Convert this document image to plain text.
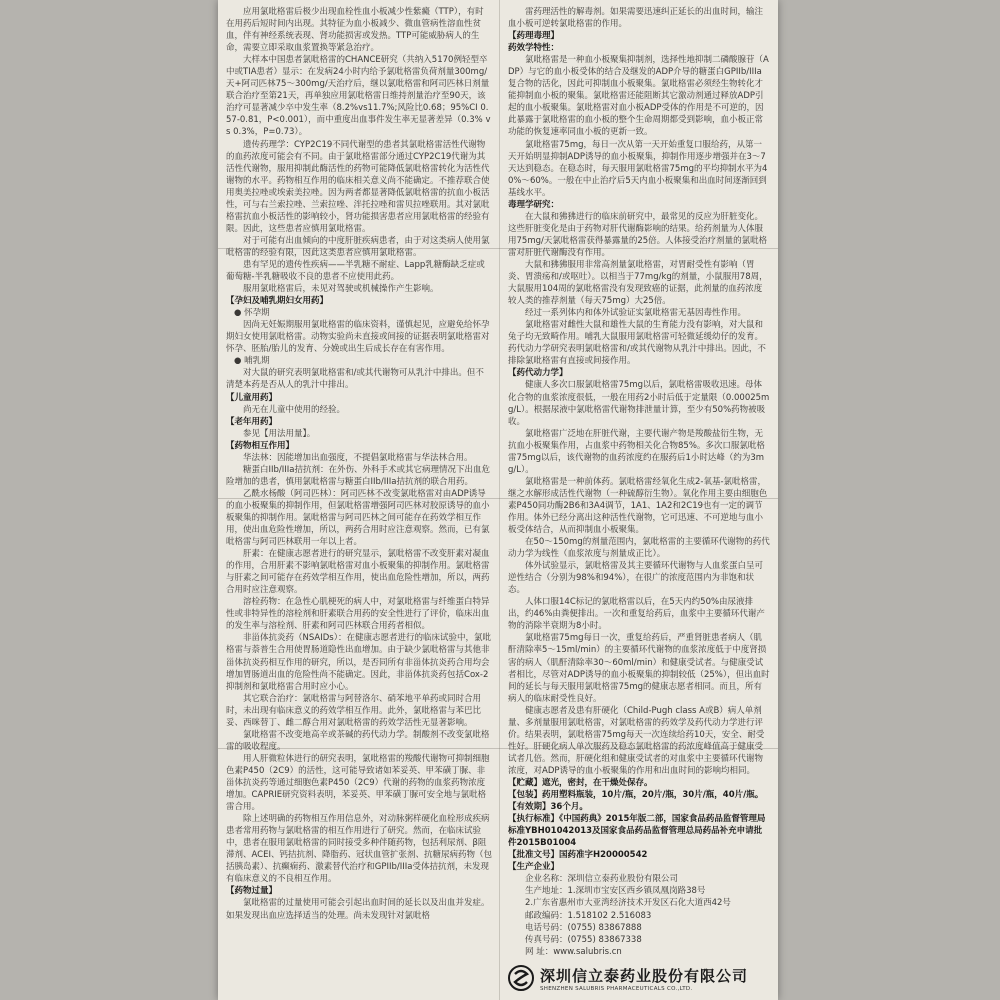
应用氯吡格雷后极少出现血栓性血小板减少性紫癜（TTP），有时在用药后短时间内出现。其特征为血小板减少、微血管病性溶血性贫血，伴有神经系统表现、肾功能损害或发热。TTP可能威胁病人的生命，需要立即采取血浆置换等紧急治疗。

大样本中国患者氯吡格雷的CHANCE研究（共纳入5170例轻型卒中或TIA患者）显示：在发病24小时内给予氯吡格雷负荷剂量300mg/天+阿司匹林75～300mg/天治疗后，继以氯吡格雷和阿司匹林日剂量联合治疗至第21天，再单独应用氯吡格雷日维持剂量治疗至90天，该治疗可显著减少卒中发生率（8.2%vs11.7%;风险比0.68；95%CI 0.57-0.81，P<0.001），而中重度出血事件发生率无显著差异（0.3% vs 0.3%，P=0.73）。

遗传药理学：CYP2C19不同代谢型的患者其氯吡格雷活性代谢物的血药浓度可能会有不同。由于氯吡格雷部分通过CYP2C19代谢为其活性代谢物，服用抑制此酶活性的药物可能降低氯吡格雷转化为活性代谢物的水平。药物相互作用的临床相关意义尚不能确定。不推荐联合使用奥美拉唑或埃索美拉唑。因为两者都显著降低氯吡格雷的抗血小板活性，可与右兰索拉唑、兰索拉唑、泮托拉唑和雷贝拉唑联用。其对氯吡格雷抗血小板活性的影响较小，肾功能损害患者应用氯吡格雷的经验有限。因此，这些患者应慎用氯吡格雷。

对于可能有出血倾向的中度肝脏疾病患者，由于对这类病人使用氯吡格雷的经验有限，因此这类患者应慎用氯吡格雷。

患有罕见的遗传性疾病——半乳糖不耐症、Lapp乳糖酶缺乏症或葡萄糖-半乳糖吸收不良的患者不应使用此药。

服用氯吡格雷后，未见对驾驶或机械操作产生影响。

【孕妇及哺乳期妇女用药】

● 怀孕期

因尚无妊娠期服用氯吡格雷的临床资料，谨慎起见，应避免给怀孕期妇女使用氯吡格雷。动物实验尚未直接或间接的证据表明氯吡格雷对怀孕、胚胎/胎儿的发育、分娩或出生后成长存在有害作用。

● 哺乳期

对大鼠的研究表明氯吡格雷和/或其代谢物可从乳汁中排出。但不清楚本药是否从人的乳汁中排出。

【儿童用药】

尚无在儿童中使用的经验。

【老年用药】

参见【用法用量】。

【药物相互作用】

华法林：因能增加出血强度，不提倡氯吡格雷与华法林合用。

糖蛋白IIb/IIIa拮抗剂：在外伤、外科手术或其它病理情况下出血危险增加的患者，慎用氯吡格雷与糖蛋白IIb/IIIa拮抗剂的联合用药。

乙酰水杨酸（阿司匹林）：阿司匹林不改变氯吡格雷对由ADP诱导的血小板聚集的抑制作用，但氯吡格雷增强阿司匹林对胶原诱导的血小板聚集的抑制作用。氯吡格雷与阿司匹林之间可能存在药效学相互作用，使出血危险性增加，所以，两药合用时应注意观察。然而，已有氯吡格雷与阿司匹林联用一年以上者。

肝素：在健康志愿者进行的研究显示，氯吡格雷不改变肝素对凝血的作用，合用肝素不影响氯吡格雷对血小板聚集的抑制作用。氯吡格雷与肝素之间可能存在药效学相互作用，使出血危险性增加，所以，两药合用时应注意观察。

溶栓药物：在急性心肌梗死的病人中，对氯吡格雷与纤维蛋白特异性或非特异性的溶栓剂和肝素联合用药的安全性进行了评价，临床出血的发生率与溶栓剂、肝素和阿司匹林联合用药者相似。

非甾体抗炎药（NSAIDs）：在健康志愿者进行的临床试验中，氯吡格雷与萘普生合用使胃肠道隐性出血增加。由于缺少氯吡格雷与其他非甾体抗炎药相互作用的研究，所以，是否同所有非甾体抗炎药合用均会增加胃肠道出血的危险性尚不能确定。因此，非甾体抗炎药包括Cox-2抑制剂和氯吡格雷合用时应小心。

其它联合治疗：氯吡格雷与阿替洛尔、硝苯地平单药或同时合用时，未出现有临床意义的药效学相互作用。此外，氯吡格雷与苯巴比妥、西咪替丁、雌二醇合用对氯吡格雷的药效学活性无显著影响。

氯吡格雷不改变地高辛或茶碱的药代动力学。制酸剂不改变氯吡格雷的吸收程度。

用人肝微粒体进行的研究表明，氯吡格雷的羧酸代谢物可抑制细胞色素P450（2C9）的活性，这可能导致诸如苯妥英、甲苯磺丁脲、非甾体抗炎药等通过细胞色素P450（2C9）代谢的药物的血浆药物浓度增加。CAPRIE研究资料表明，苯妥英、甲苯磺丁脲可安全地与氯吡格雷合用。

除上述明确的药物相互作用信息外，对动脉粥样硬化血栓形成疾病患者常用药物与氯吡格雷的相互作用进行了研究。然而，在临床试验中，患者在服用氯吡格雷的同时接受多种伴随药物，包括利尿剂、β阻滞剂、ACEI、钙拮抗剂、降脂药、冠状血管扩张剂、抗糖尿病药物（包括胰岛素）、抗癫痫药、激素替代治疗和GPIIb/IIIa受体拮抗剂，未发现有临床意义的不良相互作用。

【药物过量】

氯吡格雷的过量使用可能会引起出血时间的延长以及出血并发症。如果发现出血应选择适当的处理。尚未发现针对氯吡格

雷药理活性的解毒剂。如果需要迅速纠正延长的出血时间，输注血小板可逆转氯吡格雷的作用。

【药理毒理】

药效学特性：

氯吡格雷是一种血小板聚集抑制剂，选择性地抑制二磷酸腺苷（ADP）与它的血小板受体的结合及继发的ADP介导的糖蛋白GPIIb/IIIa复合物的活化，因此可抑制血小板聚集。氯吡格雷必须经生物转化才能抑制血小板的聚集。氯吡格雷还能阻断其它激动剂通过释放ADP引起的血小板聚集。氯吡格雷对血小板ADP受体的作用是不可逆的，因此暴露于氯吡格雷的血小板的整个生命周期都受到影响，血小板正常功能的恢复速率同血小板的更新一致。

氯吡格雷75mg，每日一次从第一天开始重复口服给药，从第一天开始明显抑制ADP诱导的血小板聚集，抑制作用逐步增强并在3～7天达到稳态。在稳态时，每天服用氯吡格雷75mg的平均抑制水平为40%～60%。一般在中止治疗后5天内血小板聚集和出血时间逐渐回到基线水平。

毒理学研究：

在大鼠和狒狒进行的临床前研究中，最常见的反应为肝脏变化。这些肝脏变化是由于药物对肝代谢酶影响的结果。给药剂量为人体服用75mg/天氯吡格雷获得暴露量的25倍。人体接受治疗剂量的氯吡格雷对肝脏代谢酶没有作用。

大鼠和狒狒服用非常高剂量氯吡格雷，对胃耐受性有影响（胃炎、胃溃疡和/或呕吐）。以相当于77mg/kg的剂量，小鼠服用78周，大鼠服用104周的氯吡格雷没有发现致癌的证据，此剂量的血药浓度较人类的推荐剂量（每天75mg）大25倍。

经过一系列体内和体外试验证实氯吡格雷无基因毒性作用。

氯吡格雷对雌性大鼠和雄性大鼠的生育能力没有影响，对大鼠和兔子均无致畸作用。哺乳大鼠服用氯吡格雷可轻微延缓幼仔的发育。药代动力学研究表明氯吡格雷和/或其代谢物从乳汁中排出。因此，不排除氯吡格雷有直接或间接作用。

【药代动力学】

健康人多次口服氯吡格雷75mg以后，氯吡格雷吸收迅速。母体化合物的血浆浓度很低，一般在用药2小时后低于定量限（0.00025mg/L）。根据尿液中氯吡格雷代谢物排泄量计算，至少有50%药物被吸收。

氯吡格雷广泛地在肝脏代谢，主要代谢产物是羧酸盐衍生物，无抗血小板聚集作用，占血浆中药物相关化合物85%。多次口服氯吡格雷75mg以后，该代谢物的血药浓度约在服药后1小时达峰（约为3mg/L）。

氯吡格雷是一种前体药。氯吡格雷经氧化生成2-氧基-氯吡格雷，继之水解形成活性代谢物（一种硫醇衍生物）。氧化作用主要由细胞色素P450同功酶2B6和3A4调节，1A1、1A2和2C19也有一定的调节作用。体外已经分离出这种活性代谢物，它可迅速、不可逆地与血小板受体结合，从而抑制血小板聚集。

在50～150mg的剂量范围内，氯吡格雷的主要循环代谢物的药代动力学为线性（血浆浓度与剂量成正比）。

体外试验显示，氯吡格雷及其主要循环代谢物与人血浆蛋白呈可逆性结合（分别为98%和94%），在很广的浓度范围内为非饱和状态。

人体口服14C标记的氯吡格雷以后，在5天内约50%由尿液排出，约46%由粪便排出。一次和重复给药后，血浆中主要循环代谢产物的消除半衰期为8小时。

氯吡格雷75mg每日一次，重复给药后，严重肾脏患者病人（肌酐清除率5～15ml/min）的主要循环代谢物的血浆浓度低于中度肾损害的病人（肌酐清除率30～60ml/min）和健康受试者。与健康受试者相比，尽管对ADP诱导的血小板聚集的抑制较低（25%），但出血时间的延长与每天服用氯吡格雷75mg的健康志愿者相同。而且，所有病人的临床耐受性良好。

健康志愿者及患有肝硬化（Child-Pugh class A或B）病人单剂量、多剂量服用氯吡格雷，对氯吡格雷的药效学及药代动力学进行评价。结果表明，氯吡格雷75mg每天一次连续给药10天，安全、耐受性好。肝硬化病人单次服药及稳态氯吡格雷的药浓度峰值高于健康受试者几倍。然而，肝硬化组和健康受试者的对血浆中主要循环代谢物浓度，对ADP诱导的血小板聚集的作用和出血时间的影响均相同。

【贮藏】遮光，密封，在干燥处保存。

【包装】药用塑料瓶装，10片/瓶，20片/瓶，30片/瓶，40片/瓶。

【有效期】36个月。

【执行标准】《中国药典》2015年版二部，国家食品药品监督管理局标准YBH01042013及国家食品药品监督管理总局药品补充申请批件2015B01004

【批准文号】国药准字H20000542

【生产企业】

企业名称：深圳信立泰药业股份有限公司

生产地址：1.深圳市宝安区西乡镇凤凰岗路38号

2.广东省惠州市大亚湾经济技术开发区石化大道西42号

邮政编码：1.518102 2.516083

电话号码：(0755) 83867888

传真号码：(0755) 83867338

网 址：www.salubris.cn

深圳信立泰药业股份有限公司
SHENZHEN SALUBRIS PHARMACEUTICALS CO.,LTD.
